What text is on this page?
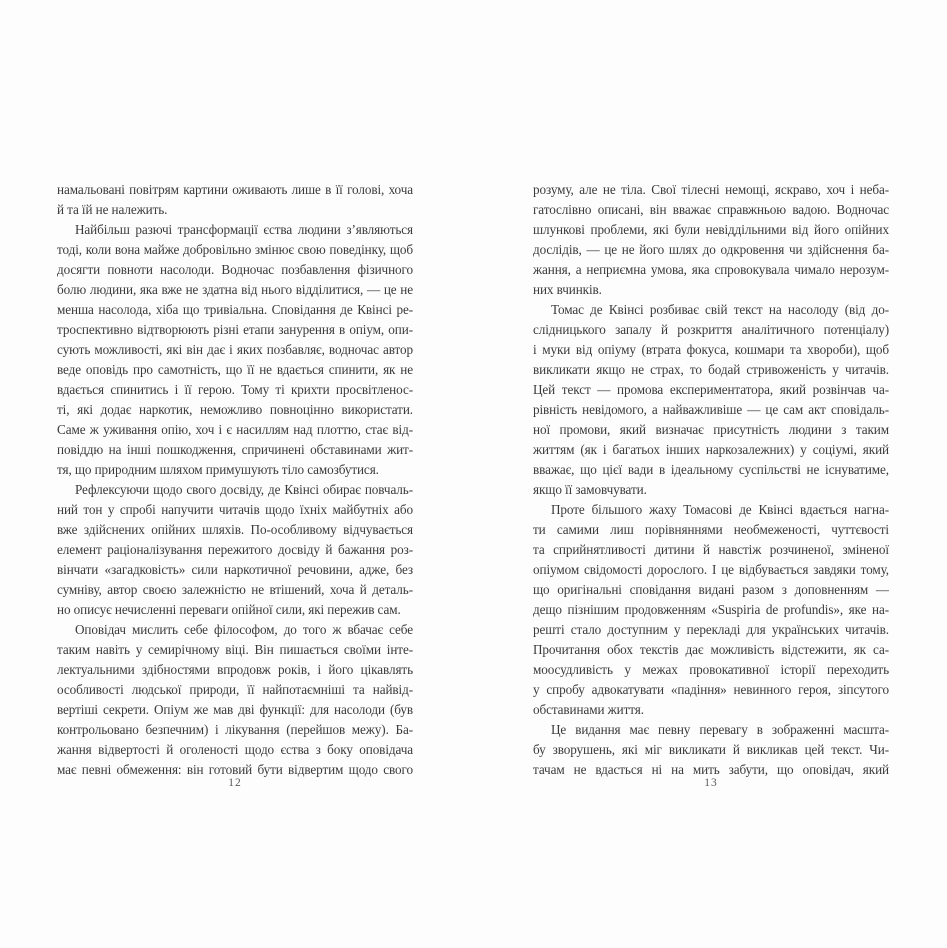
намальовані повітрям картини оживають лише в її голові, хоча
й та їй не належить.
Найбільш разючі трансформації єства людини з’являються
тоді, коли вона майже добровільно змінює свою поведінку, щоб
досягти повноти насолоди. Водночас позбавлення фізичного
болю людини, яка вже не здатна від нього відділитися, — це не
менша насолода, хіба що тривіальна. Сповідання де Квінсі ре-
троспективно відтворюють різні етапи занурення в опіум, опи-
сують можливості, які він дає і яких позбавляє, водночас автор
веде оповідь про самотність, що її не вдається спинити, як не
вдається спинитись і її герою. Тому ті крихти просвітленос-
ті, які додає наркотик, неможливо повноцінно використати.
Саме ж уживання опію, хоч і є насиллям над плоттю, стає від-
повіддю на інші пошкодження, спричинені обставинами жит-
тя, що природним шляхом примушують тіло самозбутися.
Рефлексуючи щодо свого досвіду, де Квінсі обирає повчаль-
ний тон у спробі напучити читачів щодо їхніх майбутніх або
вже здійснених опійних шляхів. По-особливому відчувається
елемент раціоналізування пережитого досвіду й бажання роз-
вінчати «загадковість» сили наркотичної речовини, адже, без
сумніву, автор своєю залежністю не втішений, хоча й деталь-
но описує нечисленні переваги опійної сили, які пережив сам.
Оповідач мислить себе філософом, до того ж вбачає себе
таким навіть у семирічному віці. Він пишається своїми інте-
лектуальними здібностями впродовж років, і його цікавлять
особливості людської природи, її найпотаємніші та найвід-
вертіші секрети. Опіум же мав дві функції: для насолоди (був
контрольовано безпечним) і лікування (перейшов межу). Ба-
жання відвертості й оголеності щодо єства з боку оповідача
має певні обмеження: він готовий бути відвертим щодо свого
12
розуму, але не тіла. Свої тілесні немощі, яскраво, хоч і неба-
гатослівно описані, він вважає справжньою вадою. Водночас
шлункові проблеми, які були невіддільними від його опійних
дослідів, — це не його шлях до одкровення чи здійснення ба-
жання, а неприємна умова, яка спровокувала чимало нерозум-
них вчинків.
Томас де Квінсі розбиває свій текст на насолоду (від до-
слідницького запалу й розкриття аналітичного потенціалу)
і муки від опіуму (втрата фокуса, кошмари та хвороби), щоб
викликати якщо не страх, то бодай стривоженість у читачів.
Цей текст — промова експериментатора, який розвінчав ча-
рівність невідомого, а найважливіше — це сам акт сповідаль-
ної промови, який визначає присутність людини з таким
життям (як і багатьох інших наркозалежних) у соціумі, який
вважає, що цієї вади в ідеальному суспільстві не існуватиме,
якщо її замовчувати.
Проте більшого жаху Томасові де Квінсі вдається нагна-
ти самими лиш порівняннями необмеженості, чуттєвості
та сприйнятливості дитини й навстіж розчиненої, зміненої
опіумом свідомості дорослого. І це відбувається завдяки тому,
що оригінальні сповідання видані разом з доповненням —
дещо пізнішим продовженням «Suspiria de profundis», яке на-
решті стало доступним у перекладі для українських читачів.
Прочитання обох текстів дає можливість відстежити, як са-
моосудливість у межах провокативної історії переходить
у спробу адвокатувати «падіння» невинного героя, зіпсутого
обставинами життя.
Це видання має певну перевагу в зображенні масшта-
бу зворушень, які міг викликати й викликав цей текст. Чи-
тачам не вдасться ні на мить забути, що оповідач, який
13
